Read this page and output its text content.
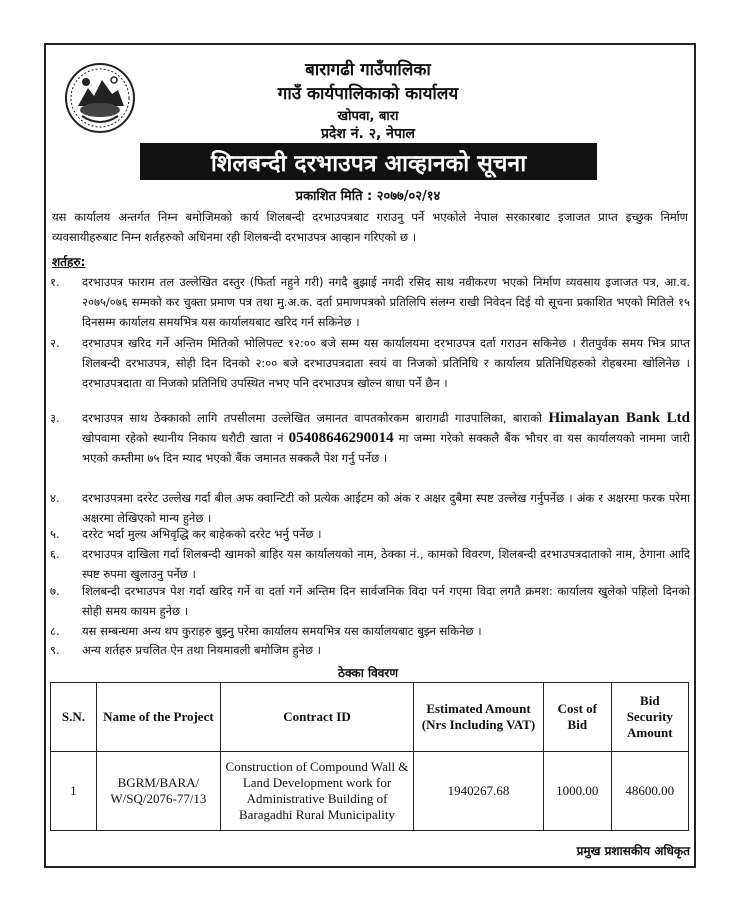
बारागढी गाउँपालिका
गाउँ कार्यपालिकाको कार्यालय
खोपवा, बारा
प्रदेश नं. २, नेपाल
शिलबन्दी दरभाउपत्र आव्हानको सूचना
प्रकाशित मिति : २०७७/०२/१४
यस कार्यालय अन्तर्गत निम्न बमोजिमको कार्य शिलबन्दी दरभाउपत्रबाट गराउनु पर्ने भएकोले नेपाल सरकारबाट इजाजत प्राप्त इच्छुक निर्माण व्यवसायीहरुबाट निम्न शर्तहरुको अधिनमा रही शिलबन्दी दरभाउपत्र आव्हान गरिएको छ ।
शर्तहरु:
१.	दरभाउपत्र फाराम तल उल्लेखित दस्तुर (फिर्ता नहुने गरी) नगदै बुझाई नगदी रसिद साथ नवीकरण भएको निर्माण व्यवसाय इजाजत पत्र, आ.व. २०७५/०७६ सम्मको कर चुक्ता प्रमाण पत्र तथा मु.अ.क. दर्ता प्रमाणपत्रको प्रतिलिपि संलग्न राखी निवेदन दिई यो सूचना प्रकाशित भएको मितिले १५ दिनसम्म कार्यालय समयभित्र यस कार्यालयबाट खरिद गर्न सकिनेछ ।
२.	दरभाउपत्र खरिद गर्ने अन्तिम मितिको भोलिपल्ट १२:०० बजे सम्म यस कार्यालयमा दरभाउपत्र दर्ता गराउन सकिनेछ । रीतपुर्वक समय भित्र प्राप्त शिलबन्दी दरभाउपत्र, सोही दिन दिनको २:०० बजे दरभाउपत्रदाता स्वयं वा निजको प्रतिनिधि र कार्यालय प्रतिनिधिहरुको रोहबरमा खोलिनेछ । दरभाउपत्रदाता वा निजको प्रतिनिधि उपस्थित नभए पनि दरभाउपत्र खोल्न बाधा पर्ने छैन ।
३.	दरभाउपत्र साथ ठेक्काको लागि तपसीलमा उल्लेखित जमानत वापतकोरकम बारागढी गाउपालिका, बाराको Himalayan Bank Ltd खोपवामा रहेको स्थानीय निकाय धरौटी खाता नं 05408646290014 मा जम्मा गरेको सक्कलै बैंक भौचर वा यस कार्यालयको नाममा जारी भएको कम्तीमा ७५ दिन म्याद भएको बैंक जमानत सक्कलै पेश गर्नु पर्नेछ ।
४.	दरभाउपत्रमा दररेट उल्लेख गर्दा बील अफ क्वान्टिटी को प्रत्येक आईटम को अंक र अक्षर दुबैमा स्पष्ट उल्लेख गर्नुपर्नेछ । अंक र अक्षरमा फरक परेमा अक्षरमा लेखिएको मान्य हुनेछ ।
५.	दररेट भर्दा मुल्य अभिवृद्धि कर बाहेकको दररेट भर्नु पर्नेछ ।
६.	दरभाउपत्र दाखिला गर्दा शिलबन्दी खामको बाहिर यस कार्यालयको नाम, ठेक्का नं., कामको विवरण, शिलबन्दी दरभाउपत्रदाताको नाम, ठेगाना आदि स्पष्ट रुपमा खुलाउनु पर्नेछ ।
७.	शिलबन्दी दरभाउपत्र पेश गर्दा खरिद गर्ने वा दर्ता गर्ने अन्तिम दिन सार्वजनिक विदा पर्न गएमा विदा लगतै क्रमश: कार्यालय खुलेको पहिलो दिनको सोही समय कायम हुनेछ ।
८.	यस सम्बन्धमा अन्य थप कुराहरु बुझ्नु परेमा कार्यालय समयभित्र यस कार्यालयबाट बुझ्न सकिनेछ ।
९.	अन्य शर्तहरु प्रचलित ऐन तथा नियमावली बमोजिम हुनेछ ।
ठेक्का विवरण
S.N.	Name of the Project	Contract ID	Estimated Amount (Nrs Including VAT)	Cost of Bid	Bid Security Amount
1	BGRM/BARA/ W/SQ/2076-77/13	Construction of Compound Wall & Land Development work for Administrative Building of Baragadhi Rural Municipality	1940267.68	1000.00	48600.00
प्रमुख प्रशासकीय अधिकृत
